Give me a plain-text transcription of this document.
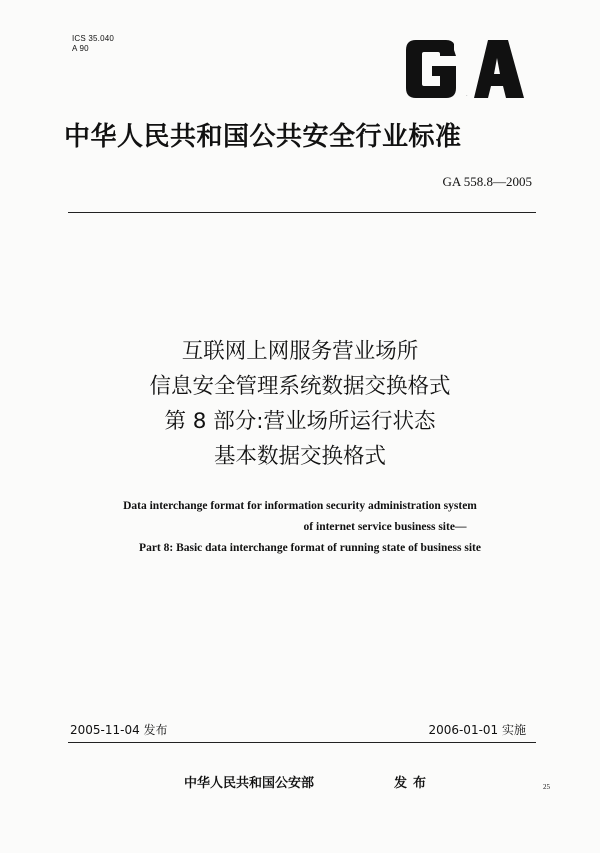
ICS 35.040
A 90
GA
中华人民共和国公共安全行业标准
GA 558.8—2005
互联网上网服务营业场所
信息安全管理系统数据交换格式
第 8 部分:营业场所运行状态
基本数据交换格式
Data interchange format for information security administration system
of internet service business site—
Part 8: Basic data interchange format of running state of business site
2005-11-04 发布	2006-01-01 实施
中华人民共和国公安部	发布	25
